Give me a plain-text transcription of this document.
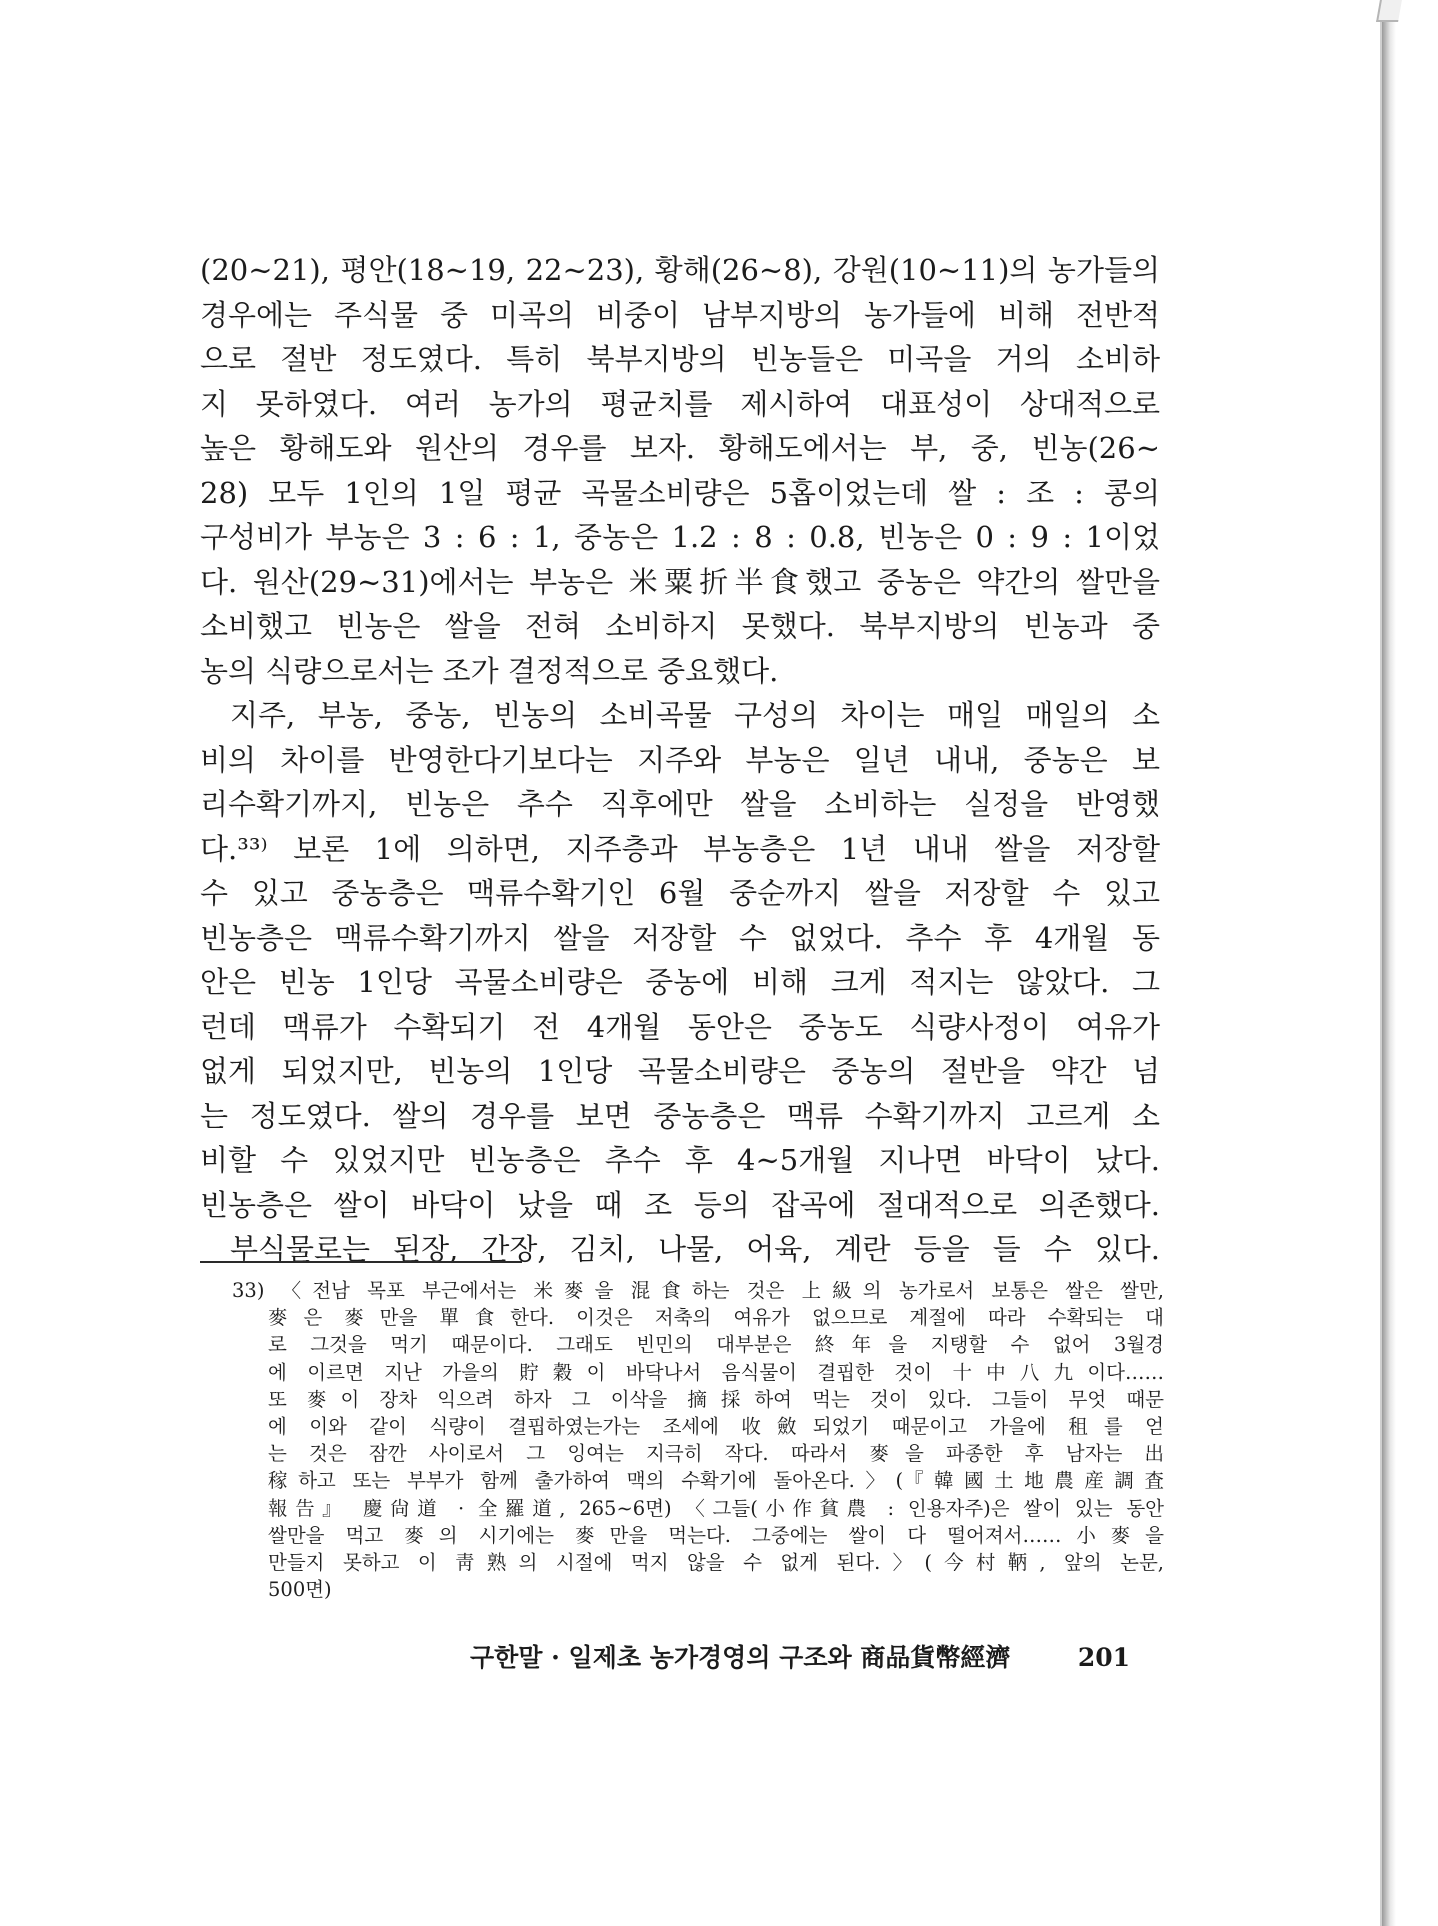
(20∼21), 평안(18∼19, 22∼23), 황해(26∼8), 강원(10∼11)의 농가들의
경우에는 주식물 중 미곡의 비중이 남부지방의 농가들에 비해 전반적
으로 절반 정도였다. 특히 북부지방의 빈농들은 미곡을 거의 소비하
지 못하였다. 여러 농가의 평균치를 제시하여 대표성이 상대적으로
높은 황해도와 원산의 경우를 보자. 황해도에서는 부, 중, 빈농(26∼
28) 모두 1인의 1일 평균 곡물소비량은 5홉이었는데 쌀 : 조 : 콩의
구성비가 부농은 3 : 6 : 1, 중농은 1.2 : 8 : 0.8, 빈농은 0 : 9 : 1이었
다. 원산(29∼31)에서는 부농은 米粟折半食했고 중농은 약간의 쌀만을
소비했고 빈농은 쌀을 전혀 소비하지 못했다. 북부지방의 빈농과 중
농의 식량으로서는 조가 결정적으로 중요했다.
지주, 부농, 중농, 빈농의 소비곡물 구성의 차이는 매일 매일의 소
비의 차이를 반영한다기보다는 지주와 부농은 일년 내내, 중농은 보
리수확기까지, 빈농은 추수 직후에만 쌀을 소비하는 실정을 반영했
다.³³⁾ 보론 1에 의하면, 지주층과 부농층은 1년 내내 쌀을 저장할
수 있고 중농층은 맥류수확기인 6월 중순까지 쌀을 저장할 수 있고
빈농층은 맥류수확기까지 쌀을 저장할 수 없었다. 추수 후 4개월 동
안은 빈농 1인당 곡물소비량은 중농에 비해 크게 적지는 않았다. 그
런데 맥류가 수확되기 전 4개월 동안은 중농도 식량사정이 여유가
없게 되었지만, 빈농의 1인당 곡물소비량은 중농의 절반을 약간 넘
는 정도였다. 쌀의 경우를 보면 중농층은 맥류 수확기까지 고르게 소
비할 수 있었지만 빈농층은 추수 후 4∼5개월 지나면 바닥이 났다.
빈농층은 쌀이 바닥이 났을 때 조 등의 잡곡에 절대적으로 의존했다.
부식물로는 된장, 간장, 김치, 나물, 어육, 계란 등을 들 수 있다.
33) 〈전남 목포 부근에서는 米麥을 混食하는 것은 上級의 농가로서 보통은 쌀은 쌀만,
麥은 麥만을 單食한다. 이것은 저축의 여유가 없으므로 계절에 따라 수확되는 대
로 그것을 먹기 때문이다. 그래도 빈민의 대부분은 終年을 지탱할 수 없어 3월경
에 이르면 지난 가을의 貯穀이 바닥나서 음식물이 결핍한 것이 十中八九이다……
또 麥이 장차 익으려 하자 그 이삭을 摘採하여 먹는 것이 있다. 그들이 무엇 때문
에 이와 같이 식량이 결핍하였는가는 조세에 收斂되었기 때문이고 가을에 租를 얻
는 것은 잠깐 사이로서 그 잉여는 지극히 작다. 따라서 麥을 파종한 후 남자는 出
稼하고 또는 부부가 함께 출가하여 맥의 수확기에 돌아온다.〉(『韓國土地農産調査
報告』 慶尙道 · 全羅道, 265∼6면) 〈그들(小作貧農 : 인용자주)은 쌀이 있는 동안
쌀만을 먹고 麥의 시기에는 麥만을 먹는다. 그중에는 쌀이 다 떨어져서……小麥을
만들지 못하고 이 靑熟의 시절에 먹지 않을 수 없게 된다.〉(今村鞆, 앞의 논문,
500면)
구한말 · 일제초 농가경영의 구조와 商品貨幣經濟	201
